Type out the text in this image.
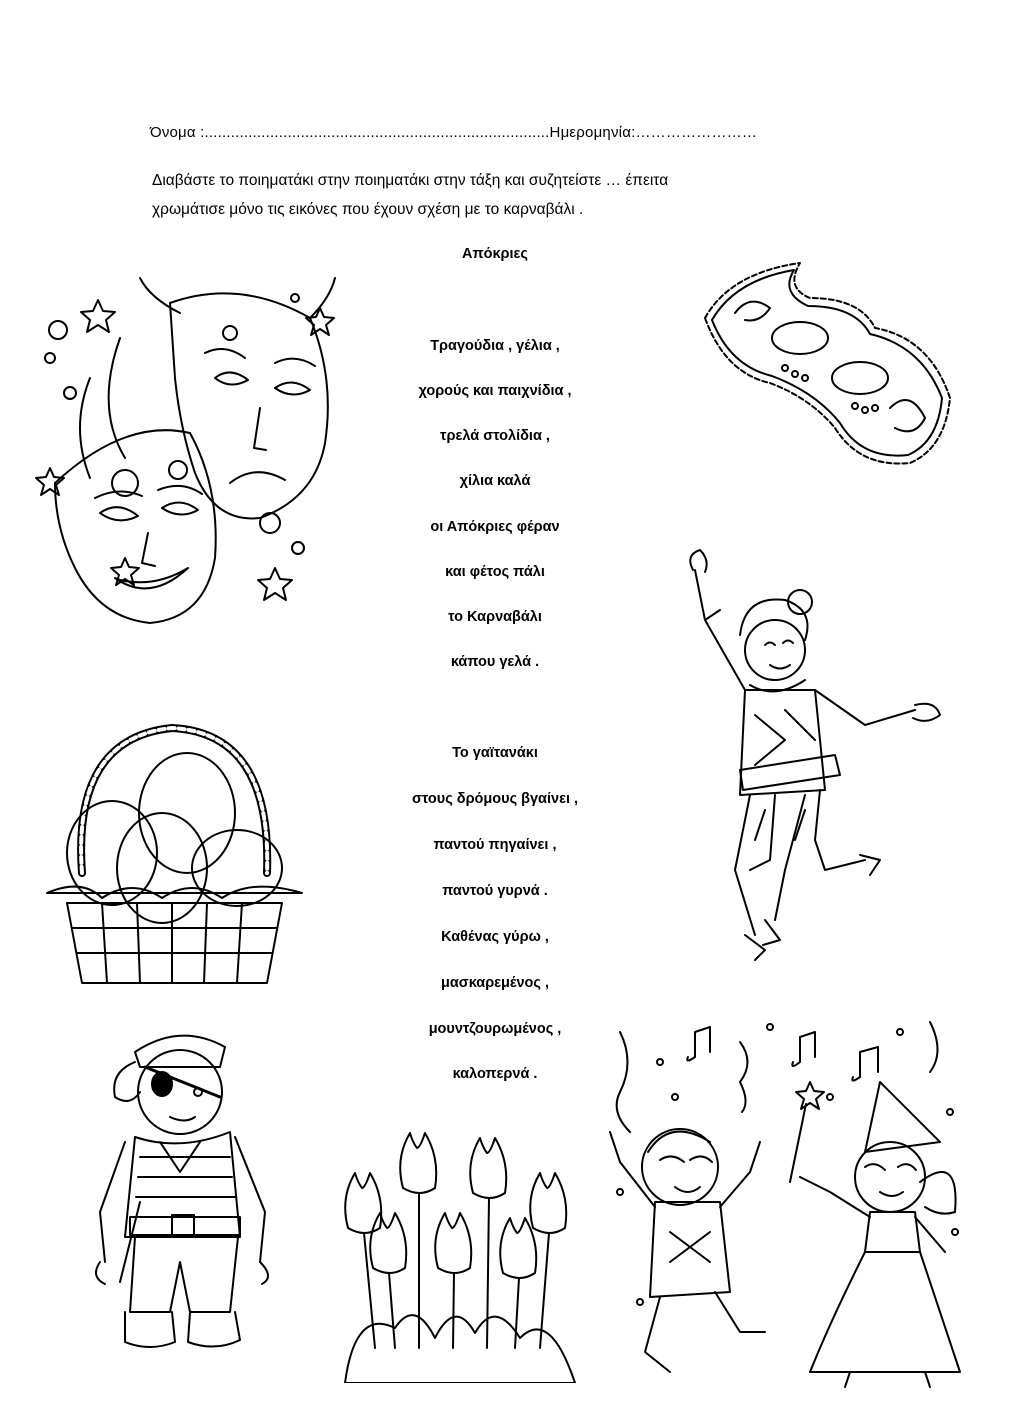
Όνομα :...............................................................................Ημερομηνία:……………………
Διαβάστε το ποιηματάκι στην ποιηματάκι στην τάξη και συζητείστε … έπειτα
χρωμάτισε μόνο τις εικόνες που έχουν σχέση με το καρναβάλι .
Απόκριες
Τραγούδια , γέλια ,
χορούς και παιχνίδια ,
τρελά στολίδια ,
χίλια καλά
οι Απόκριες φέραν
και φέτος πάλι
το Καρναβάλι
κάπου γελά .
Το γαϊτανάκι
στους δρόμους βγαίνει ,
παντού πηγαίνει ,
παντού γυρνά .
Καθένας γύρω ,
μασκαρεμένος ,
μουντζουρωμένος ,
καλοπερνά .
